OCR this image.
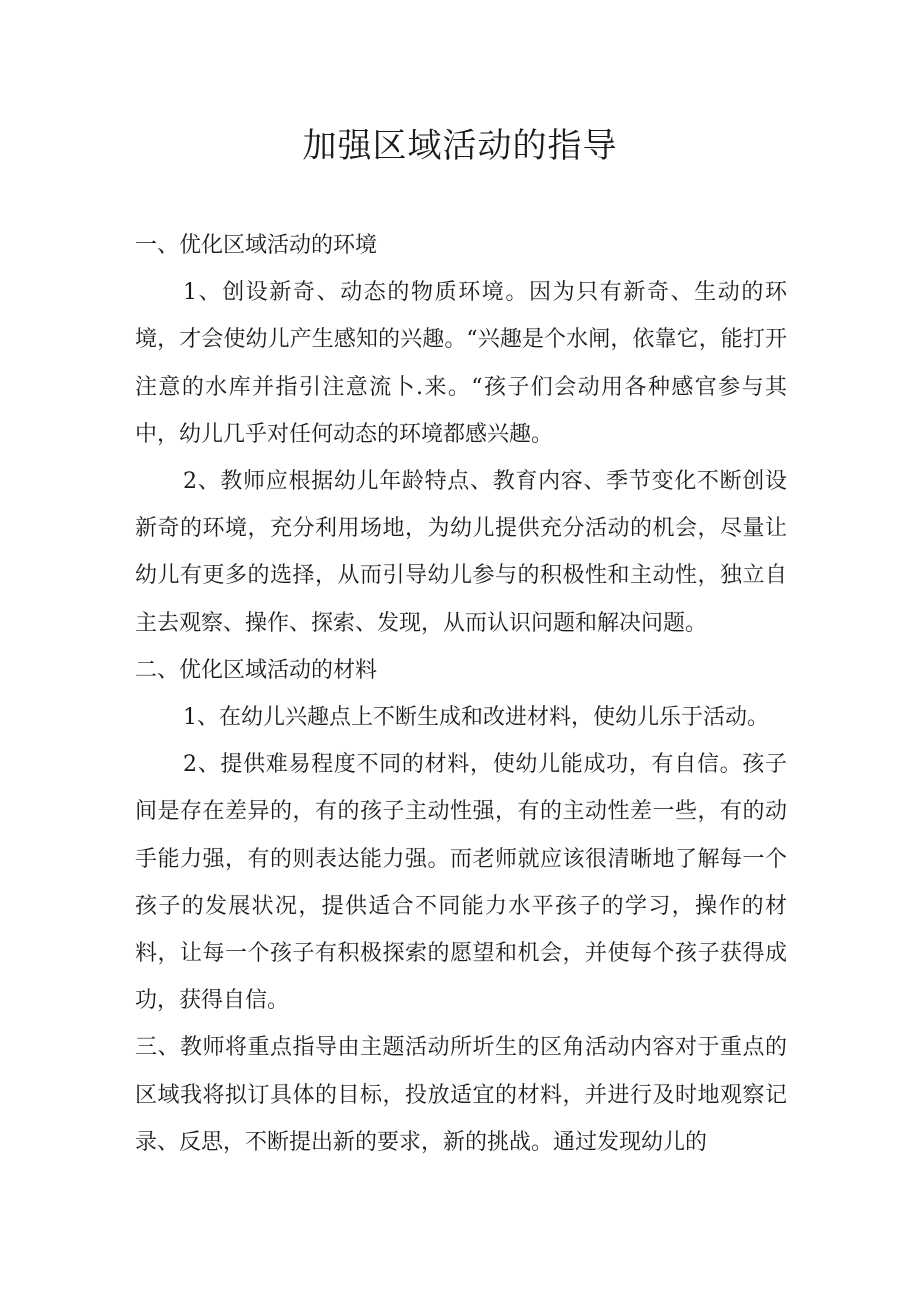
加强区域活动的指导

一、优化区域活动的环境

1、创设新奇、动态的物质环境。因为只有新奇、生动的环境，才会使幼儿产生感知的兴趣。“兴趣是个水闸，依靠它，能打开注意的水库并指引注意流卜.来。“孩子们会动用各种感官参与其中，幼儿几乎对任何动态的环境都感兴趣。

2、教师应根据幼儿年龄特点、教育内容、季节变化不断创设新奇的环境，充分利用场地，为幼儿提供充分活动的机会，尽量让幼儿有更多的选择，从而引导幼儿参与的积极性和主动性，独立自主去观察、操作、探索、发现，从而认识问题和解决问题。

二、优化区域活动的材料

1、在幼儿兴趣点上不断生成和改进材料，使幼儿乐于活动。

2、提供难易程度不同的材料，使幼儿能成功，有自信。孩子间是存在差异的，有的孩子主动性强，有的主动性差一些，有的动手能力强，有的则表达能力强。而老师就应该很清晰地了解每一个孩子的发展状况，提供适合不同能力水平孩子的学习，操作的材料，让每一个孩子有积极探索的愿望和机会，并使每个孩子获得成功，获得自信。

三、教师将重点指导由主题活动所圻生的区角活动内容对于重点的区域我将拟订具体的目标，投放适宜的材料，并进行及时地观察记录、反思，不断提出新的要求，新的挑战。通过发现幼儿的
